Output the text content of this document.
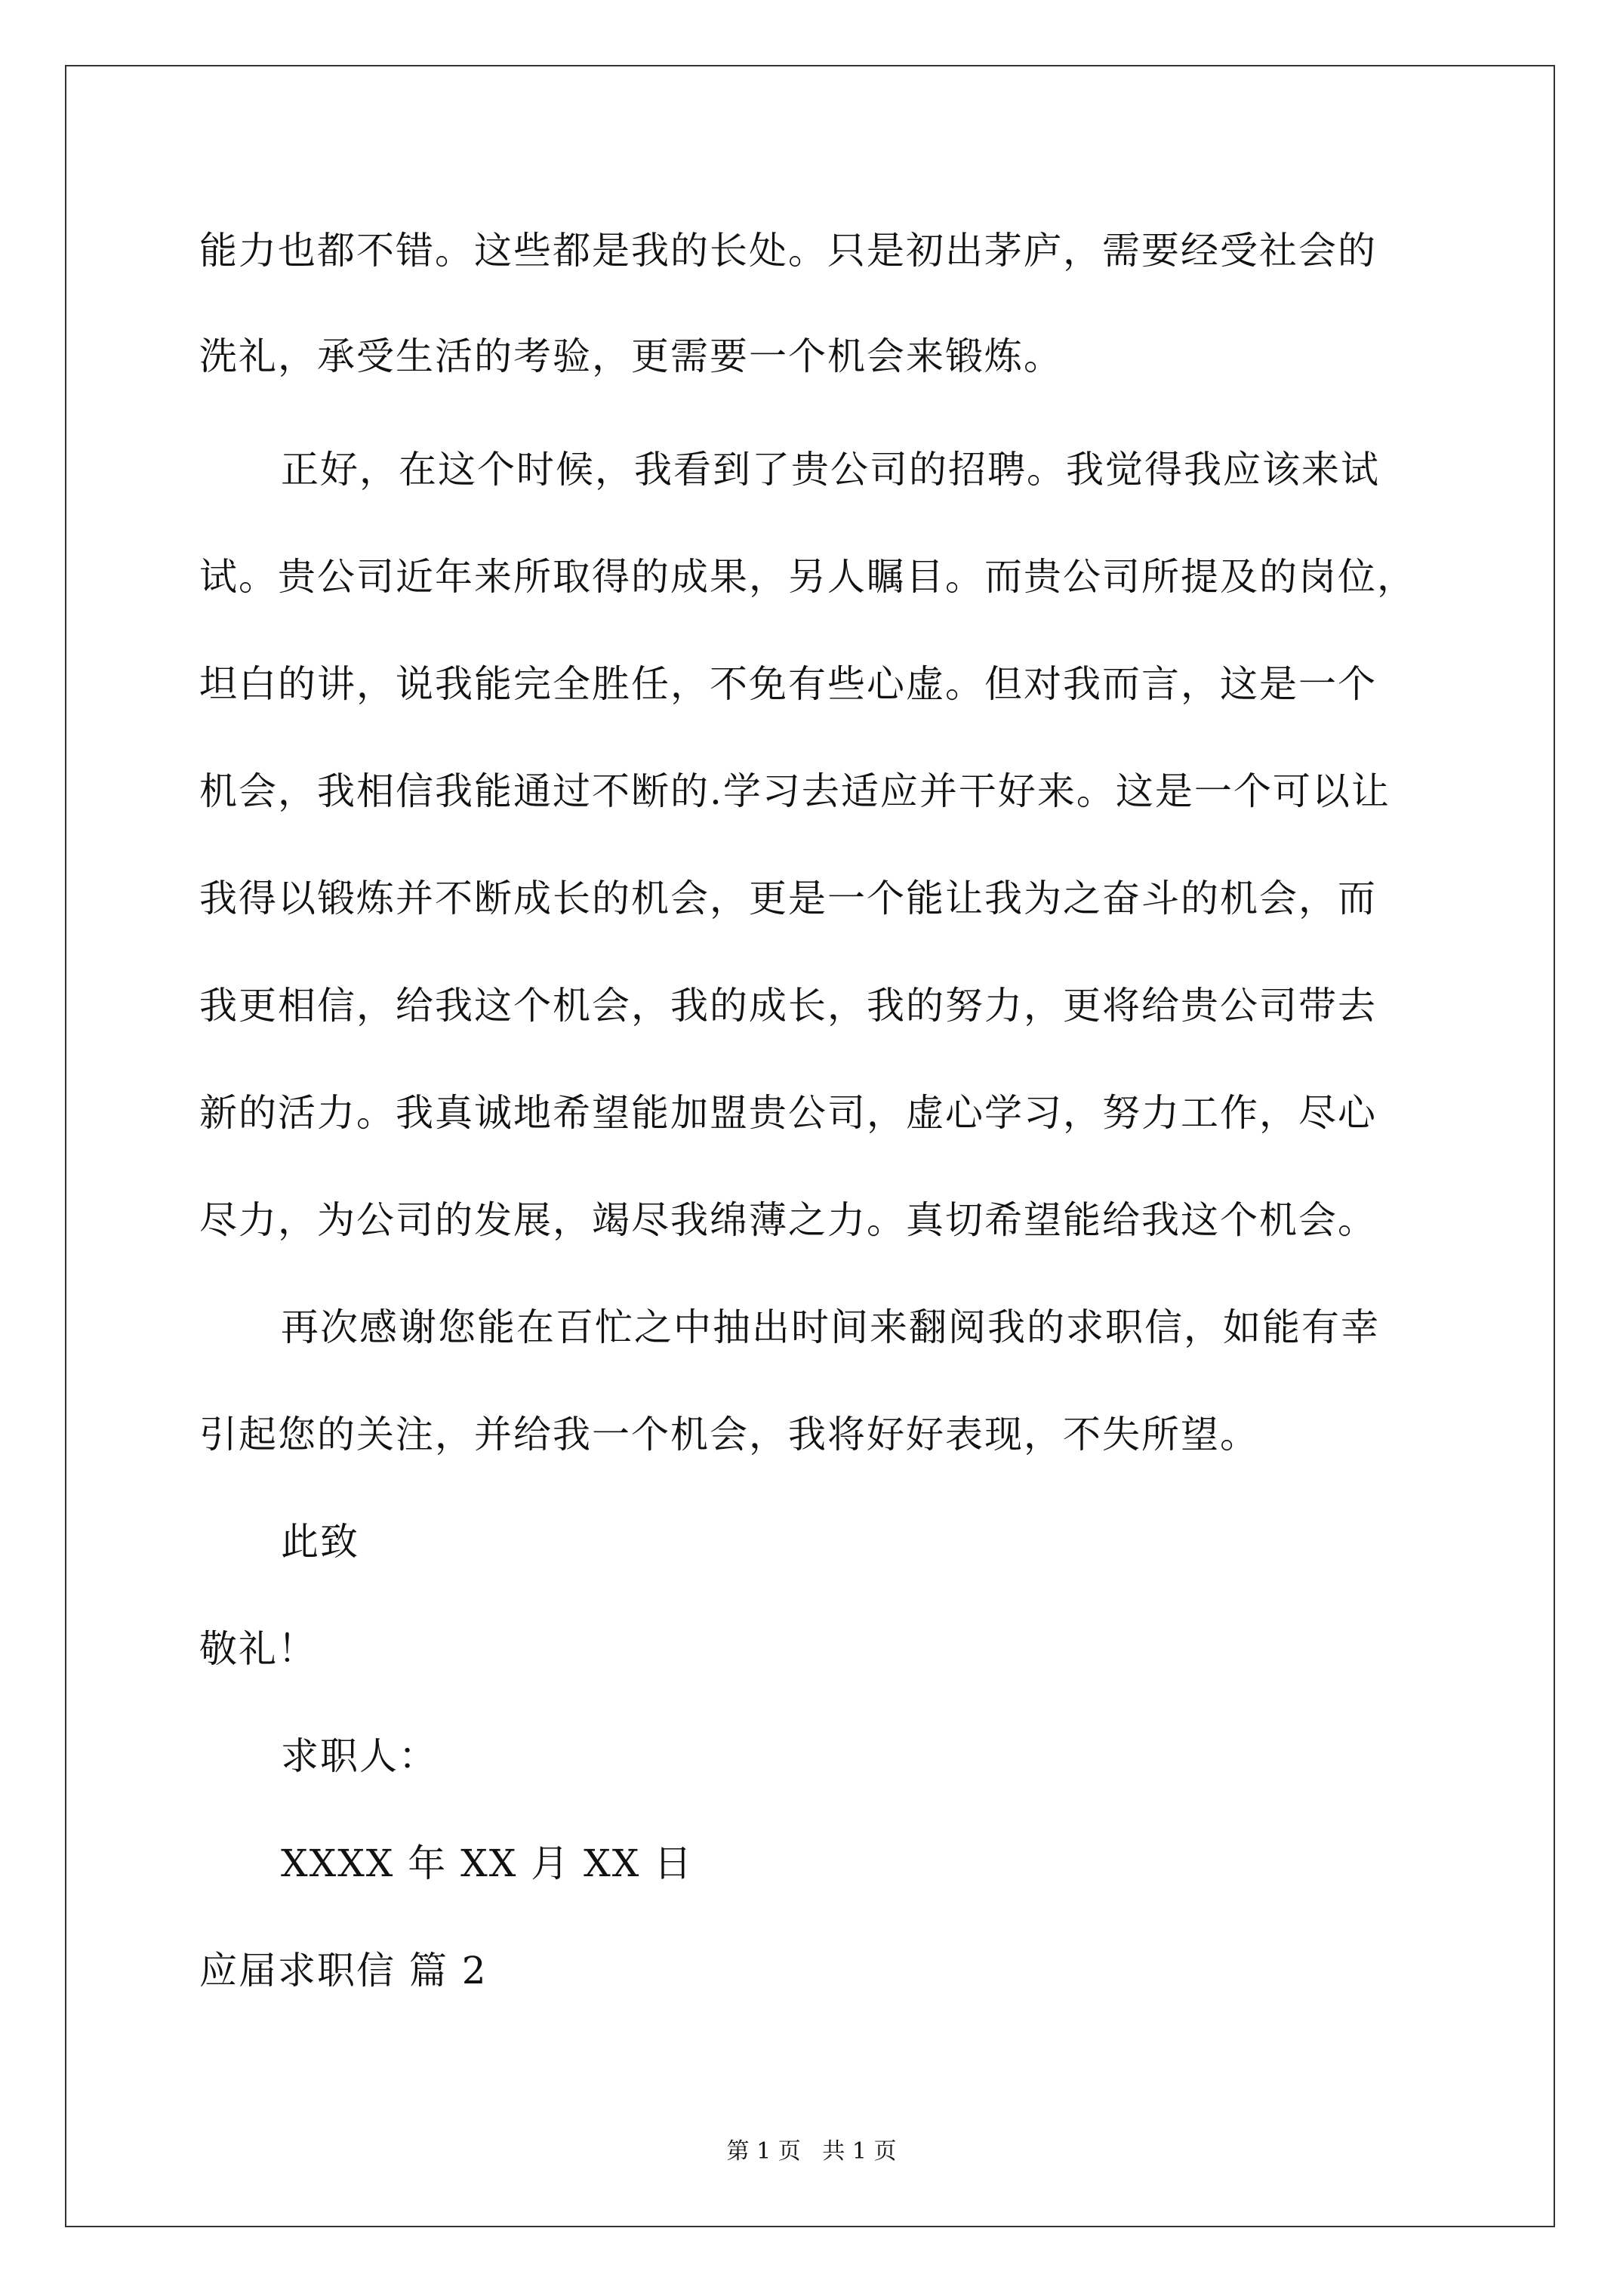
能力也都不错。这些都是我的长处。只是初出茅庐，需要经受社会的
洗礼，承受生活的考验，更需要一个机会来锻炼。
正好，在这个时候，我看到了贵公司的招聘。我觉得我应该来试
试。贵公司近年来所取得的成果，另人瞩目。而贵公司所提及的岗位，
坦白的讲，说我能完全胜任，不免有些心虚。但对我而言，这是一个
机会，我相信我能通过不断的.学习去适应并干好来。这是一个可以让
我得以锻炼并不断成长的机会，更是一个能让我为之奋斗的机会，而
我更相信，给我这个机会，我的成长，我的努力，更将给贵公司带去
新的活力。我真诚地希望能加盟贵公司，虚心学习，努力工作，尽心
尽力，为公司的发展，竭尽我绵薄之力。真切希望能给我这个机会。
再次感谢您能在百忙之中抽出时间来翻阅我的求职信，如能有幸
引起您的关注，并给我一个机会，我将好好表现，不失所望。
此致
敬礼！
求职人：
XXXX 年 XX 月 XX 日
应届求职信 篇 2
第 1 页   共 1 页
